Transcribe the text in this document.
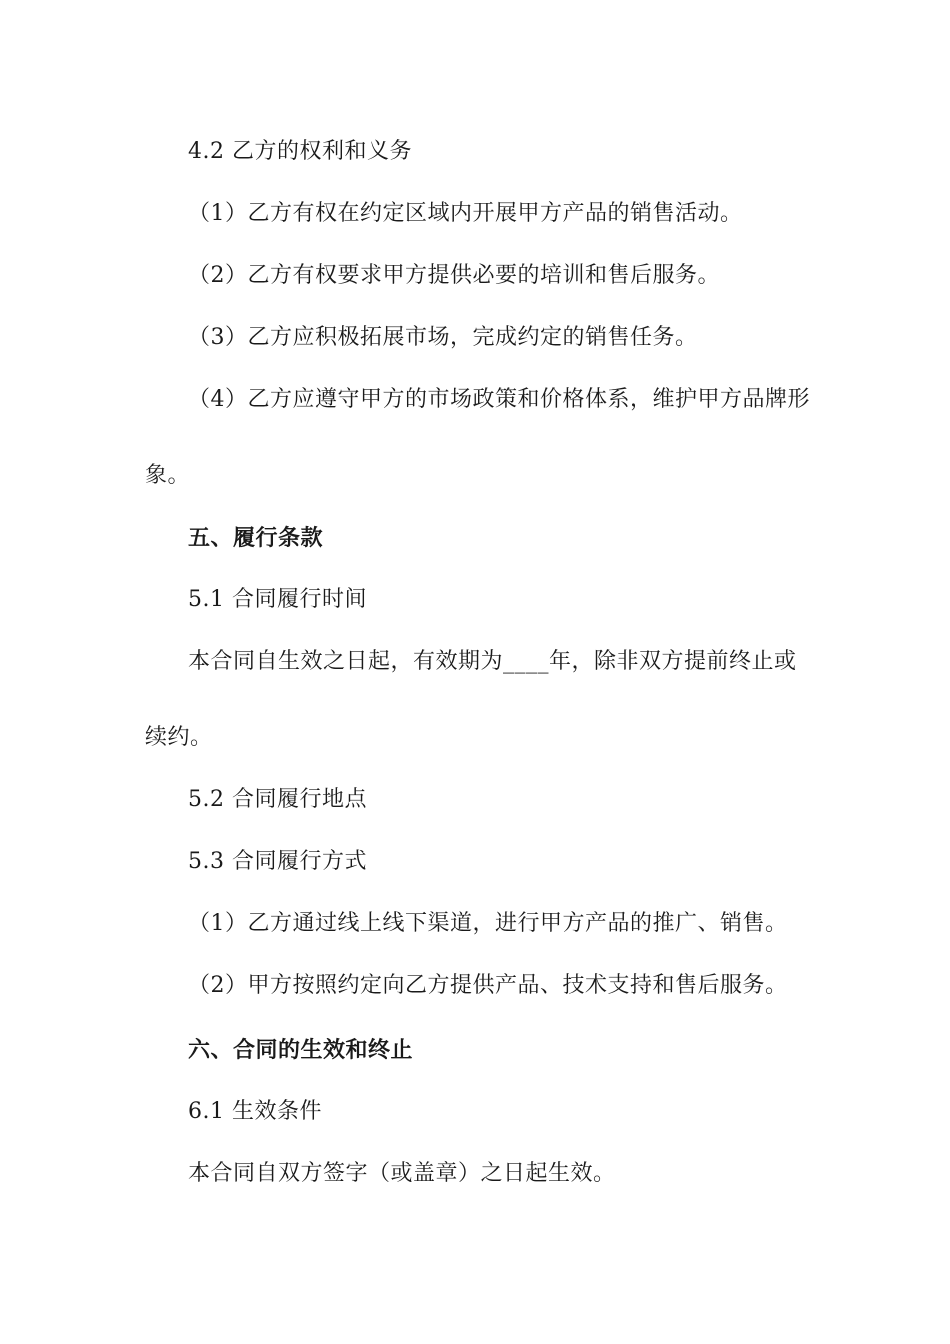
4.2 乙方的权利和义务
（1）乙方有权在约定区域内开展甲方产品的销售活动。
（2）乙方有权要求甲方提供必要的培训和售后服务。
（3）乙方应积极拓展市场，完成约定的销售任务。
（4）乙方应遵守甲方的市场政策和价格体系，维护甲方品牌形
象。
五、履行条款
5.1 合同履行时间
本合同自生效之日起，有效期为____年，除非双方提前终止或
续约。
5.2 合同履行地点
5.3 合同履行方式
（1）乙方通过线上线下渠道，进行甲方产品的推广、销售。
（2）甲方按照约定向乙方提供产品、技术支持和售后服务。
六、合同的生效和终止
6.1 生效条件
本合同自双方签字（或盖章）之日起生效。
